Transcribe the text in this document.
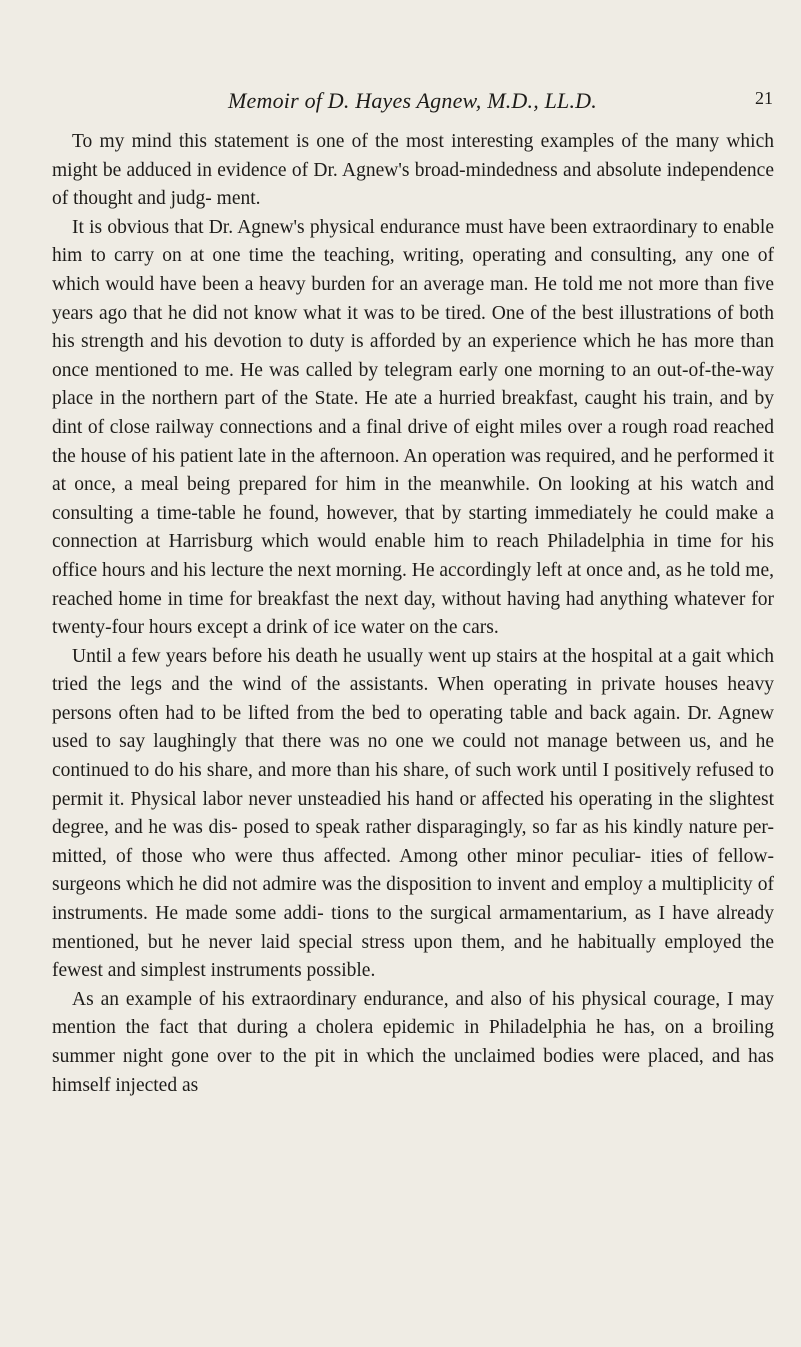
Memoir of D. Hayes Agnew, M.D., LL.D.	21

To my mind this statement is one of the most interesting examples of the many which might be adduced in evidence of Dr. Agnew's broad-mindedness and absolute independence of thought and judg- ment.

It is obvious that Dr. Agnew's physical endurance must have been extraordinary to enable him to carry on at one time the teaching, writing, operating and consulting, any one of which would have been a heavy burden for an average man. He told me not more than five years ago that he did not know what it was to be tired. One of the best illustrations of both his strength and his devotion to duty is afforded by an experience which he has more than once mentioned to me. He was called by telegram early one morning to an out-of-the-way place in the northern part of the State. He ate a hurried breakfast, caught his train, and by dint of close railway connections and a final drive of eight miles over a rough road reached the house of his patient late in the afternoon. An operation was required, and he performed it at once, a meal being prepared for him in the meanwhile. On looking at his watch and consulting a time-table he found, however, that by starting immediately he could make a connection at Harrisburg which would enable him to reach Philadelphia in time for his office hours and his lecture the next morning. He accordingly left at once and, as he told me, reached home in time for breakfast the next day, without having had anything whatever for twenty-four hours except a drink of ice water on the cars.

Until a few years before his death he usually went up stairs at the hospital at a gait which tried the legs and the wind of the assistants. When operating in private houses heavy persons often had to be lifted from the bed to operating table and back again. Dr. Agnew used to say laughingly that there was no one we could not manage between us, and he continued to do his share, and more than his share, of such work until I positively refused to permit it. Physical labor never unsteadied his hand or affected his operating in the slightest degree, and he was dis- posed to speak rather disparagingly, so far as his kindly nature per- mitted, of those who were thus affected. Among other minor peculiar- ities of fellow-surgeons which he did not admire was the disposition to invent and employ a multiplicity of instruments. He made some addi- tions to the surgical armamentarium, as I have already mentioned, but he never laid special stress upon them, and he habitually employed the fewest and simplest instruments possible.

As an example of his extraordinary endurance, and also of his physical courage, I may mention the fact that during a cholera epidemic in Philadelphia he has, on a broiling summer night gone over to the pit in which the unclaimed bodies were placed, and has himself injected as
